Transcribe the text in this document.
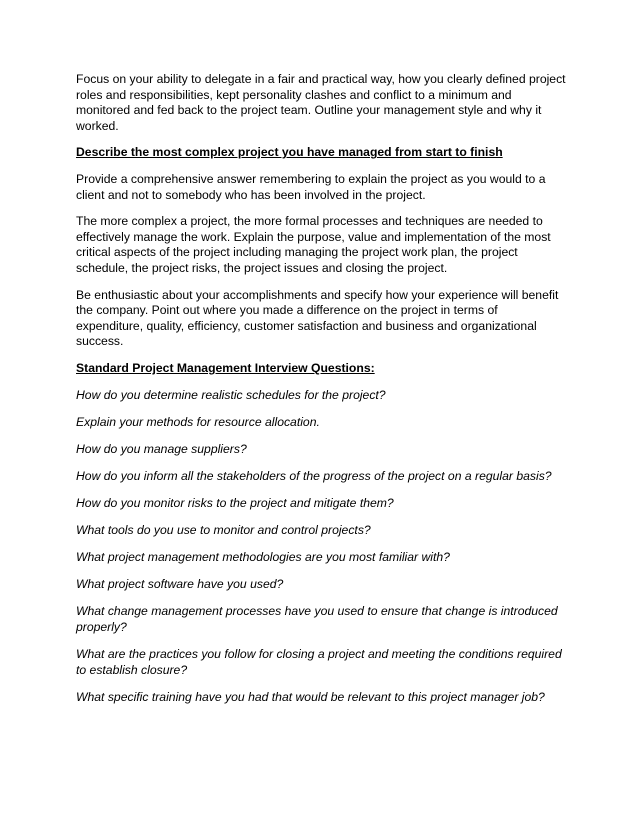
Focus on your ability to delegate in a fair and practical way, how you clearly defined project roles and responsibilities, kept personality clashes and conflict to a minimum and monitored and fed back to the project team. Outline your management style and why it worked.

Describe the most complex project you have managed from start to finish

Provide a comprehensive answer remembering to explain the project as you would to a client and not to somebody who has been involved in the project.

The more complex a project, the more formal processes and techniques are needed to effectively manage the work. Explain the purpose, value and implementation of the most critical aspects of the project including managing the project work plan, the project schedule, the project risks, the project issues and closing the project.

Be enthusiastic about your accomplishments and specify how your experience will benefit the company. Point out where you made a difference on the project in terms of expenditure, quality, efficiency, customer satisfaction and business and organizational success.

Standard Project Management Interview Questions:

How do you determine realistic schedules for the project?

Explain your methods for resource allocation.

How do you manage suppliers?

How do you inform all the stakeholders of the progress of the project on a regular basis?

How do you monitor risks to the project and mitigate them?

What tools do you use to monitor and control projects?

What project management methodologies are you most familiar with?

What project software have you used?

What change management processes have you used to ensure that change is introduced properly?

What are the practices you follow for closing a project and meeting the conditions required to establish closure?

What specific training have you had that would be relevant to this project manager job?
